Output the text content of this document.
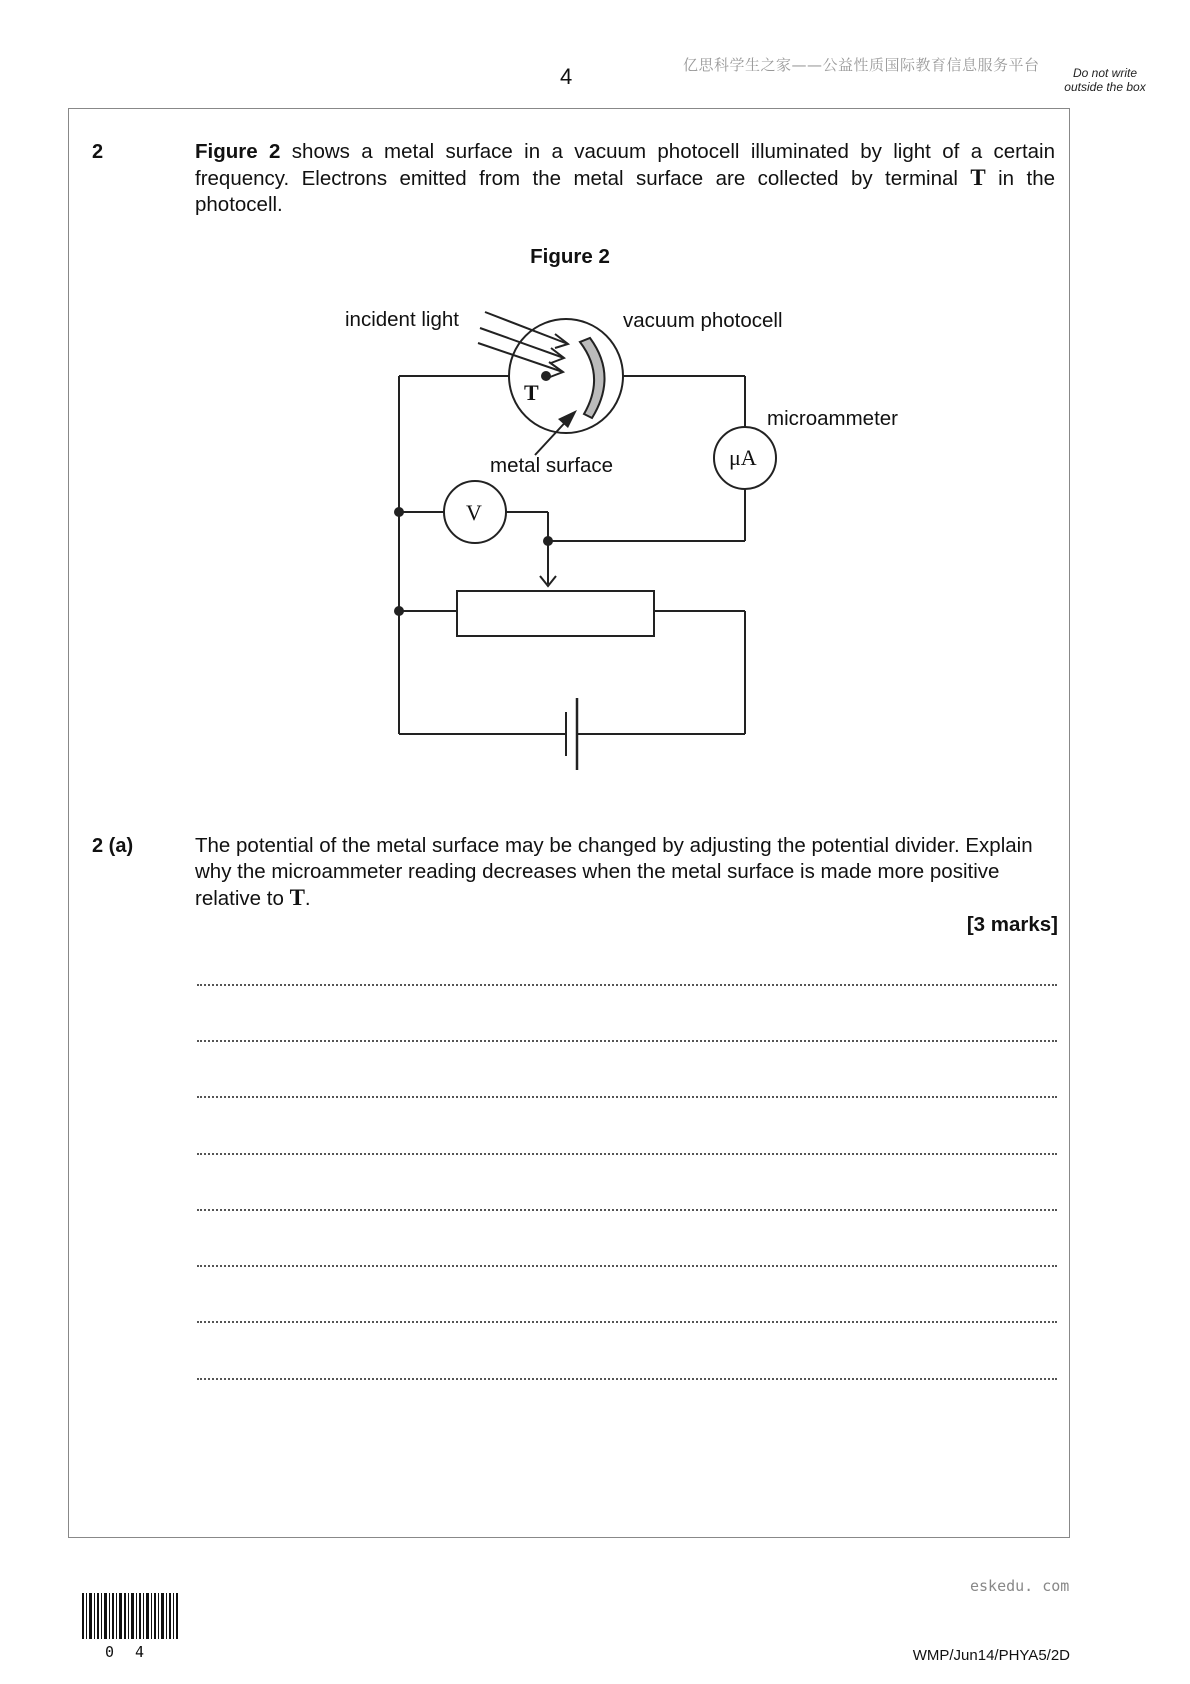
4	亿思科学生之家——公益性质国际教育信息服务平台	Do not write outside the box
2	Figure 2 shows a metal surface in a vacuum photocell illuminated by light of a certain frequency. Electrons emitted from the metal surface are collected by terminal T in the photocell.
Figure 2
incident light	vacuum photocell
T
microammeter
μA
metal surface
V
2 (a)	The potential of the metal surface may be changed by adjusting the potential divider. Explain why the microammeter reading decreases when the metal surface is made more positive relative to T.
[3 marks]
eskedu. com
0 4	WMP/Jun14/PHYA5/2D
